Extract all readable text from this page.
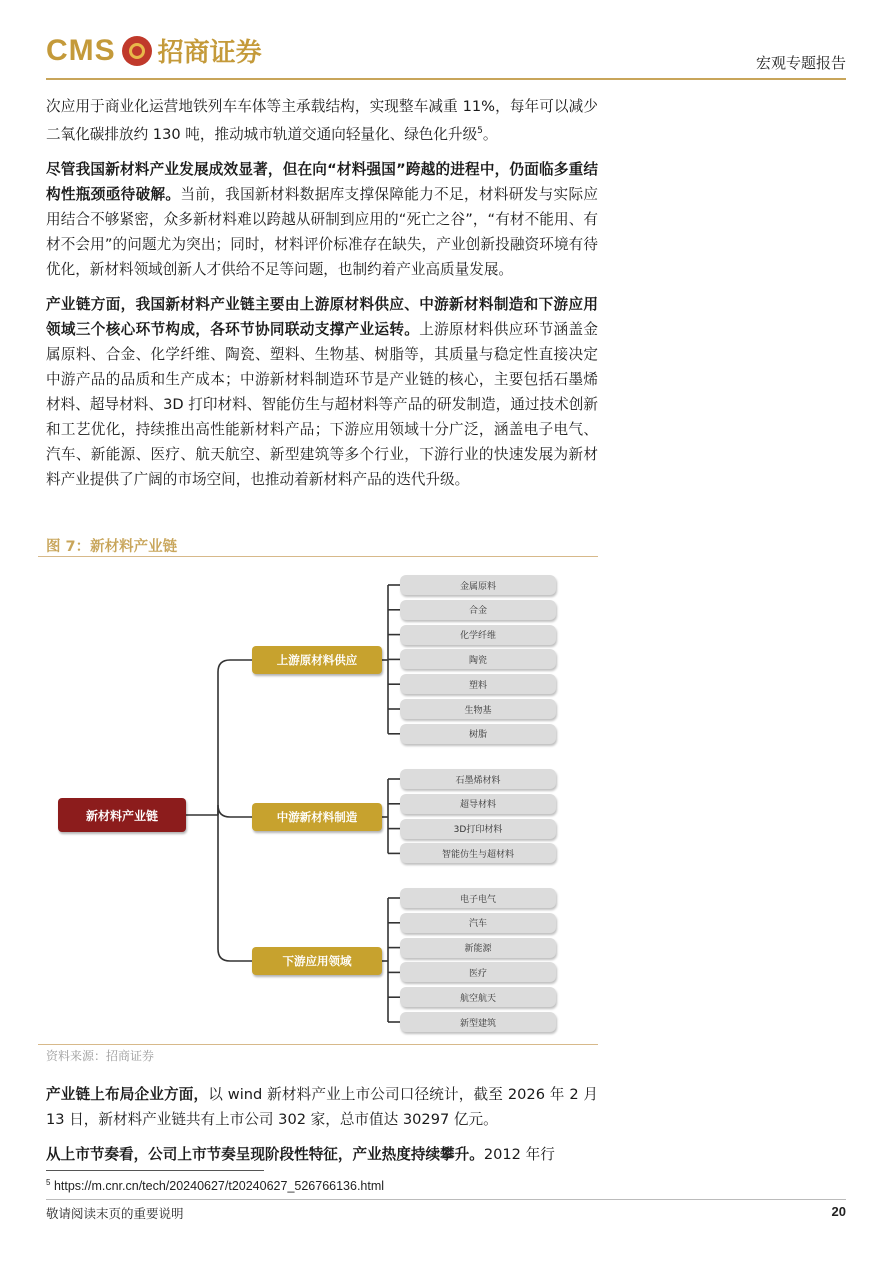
CMS 招商证券	宏观专题报告

次应用于商业化运营地铁列车车体等主承载结构，实现整车减重 11%，每年可以减少二氧化碳排放约 130 吨，推动城市轨道交通向轻量化、绿色化升级$^5$。

尽管我国新材料产业发展成效显著，但在向“材料强国”跨越的进程中，仍面临多重结构性瓶颈亟待破解。当前，我国新材料数据库支撑保障能力不足，材料研发与实际应用结合不够紧密，众多新材料难以跨越从研制到应用的“死亡之谷”，“有材不能用、有材不会用”的问题尤为突出；同时，材料评价标准存在缺失，产业创新投融资环境有待优化，新材料领域创新人才供给不足等问题，也制约着产业高质量发展。

产业链方面，我国新材料产业链主要由上游原材料供应、中游新材料制造和下游应用领域三个核心环节构成，各环节协同联动支撑产业运转。上游原材料供应环节涵盖金属原料、合金、化学纤维、陶瓷、塑料、生物基、树脂等，其质量与稳定性直接决定中游产品的品质和生产成本；中游新材料制造环节是产业链的核心，主要包括石墨烯材料、超导材料、3D 打印材料、智能仿生与超材料等产品的研发制造，通过技术创新和工艺优化，持续推出高性能新材料产品；下游应用领域十分广泛，涵盖电子电气、汽车、新能源、医疗、航天航空、新型建筑等多个行业，下游行业的快速发展为新材料产业提供了广阔的市场空间，也推动着新材料产品的迭代升级。

图 7：新材料产业链
新材料产业链
上游原材料供应
金属原料
合金
化学纤维
陶瓷
塑料
生物基
树脂
中游新材料制造
石墨烯材料
超导材料
3D打印材料
智能仿生与超材料
下游应用领域
电子电气
汽车
新能源
医疗
航空航天
新型建筑
资料来源：招商证券

产业链上布局企业方面，以 wind 新材料产业上市公司口径统计，截至 2026 年 2 月 13 日，新材料产业链共有上市公司 302 家，总市值达 30297 亿元。

从上市节奏看，公司上市节奏呈现阶段性特征，产业热度持续攀升。2012 年行

$^5$ https://m.cnr.cn/tech/20240627/t20240627_526766136.html
敬请阅读末页的重要说明	20
